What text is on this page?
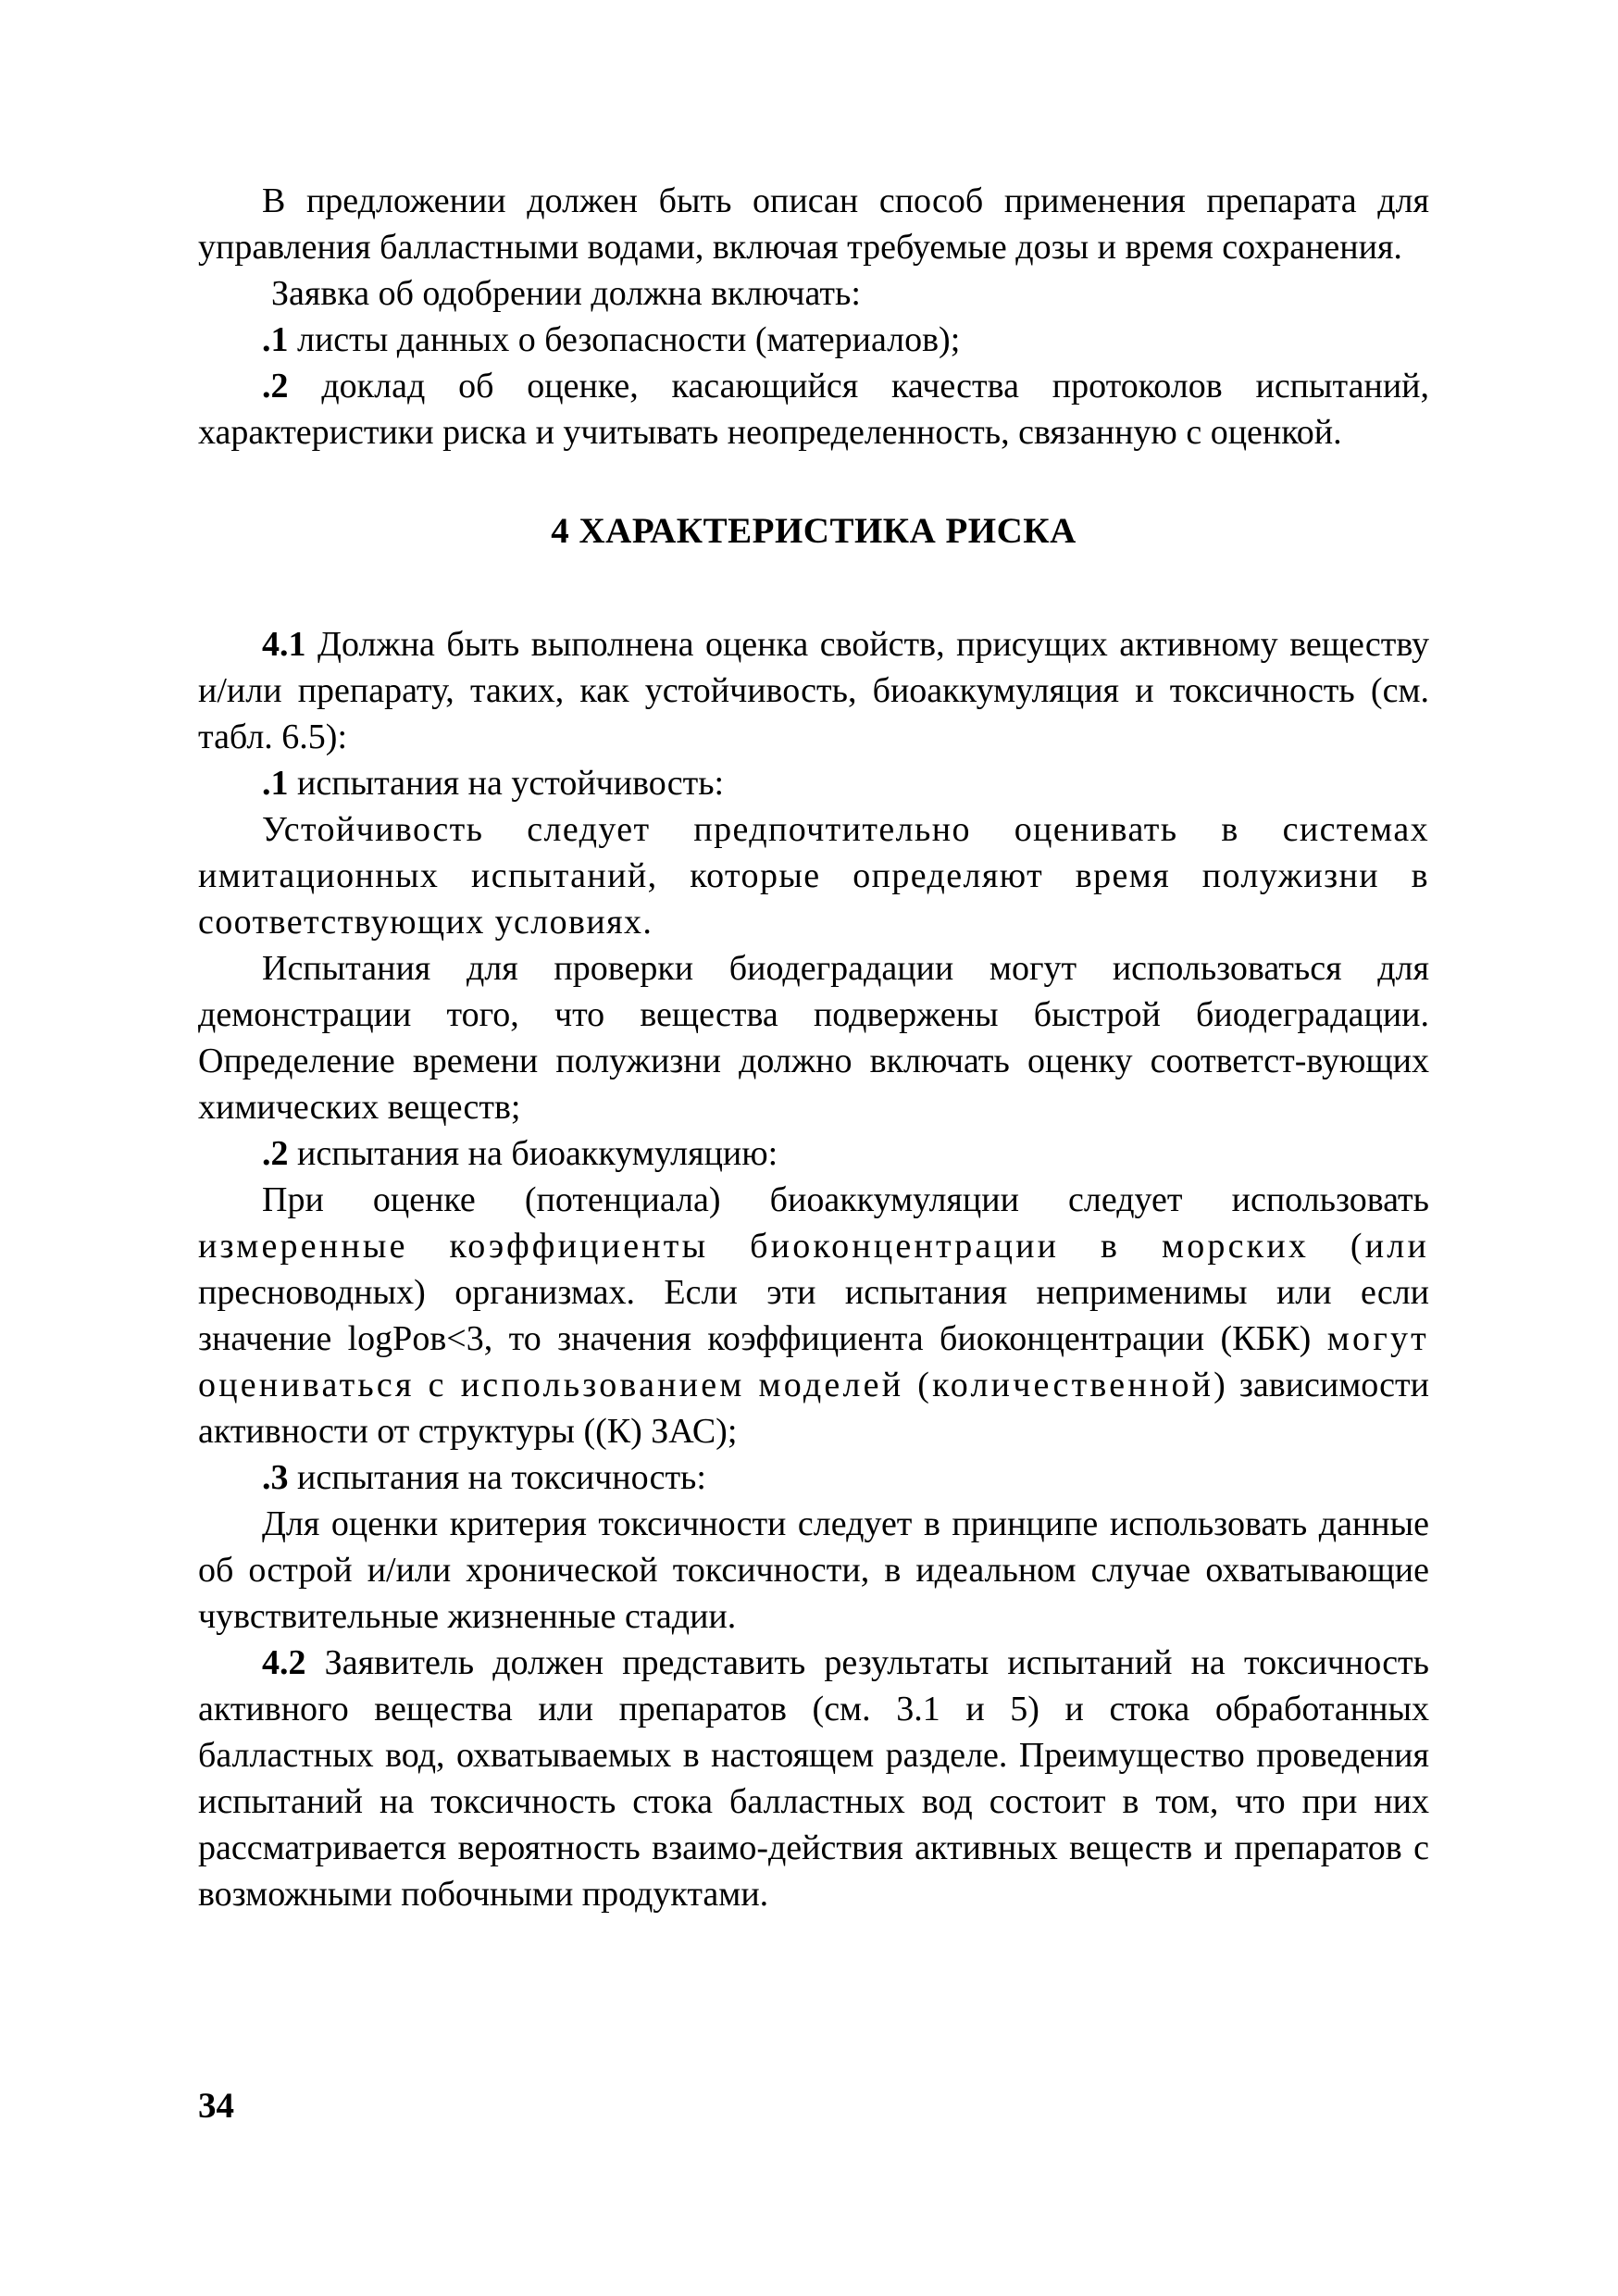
В предложении должен быть описан способ применения препарата для управления балластными водами, включая требуемые дозы и время сохранения.

Заявка об одобрении должна включать:

.1 листы данных о безопасности (материалов);

.2 доклад об оценке, касающийся качества протоколов испытаний, характеристики риска и учитывать неопределенность, связанную с оценкой.

4 ХАРАКТЕРИСТИКА РИСКА

4.1 Должна быть выполнена оценка свойств, присущих активному веществу и/или препарату, таких, как устойчивость, биоаккумуляция и токсичность (см. табл. 6.5):

.1 испытания на устойчивость:

Устойчивость следует предпочтительно оценивать в системах имитационных испытаний, которые определяют время полужизни в соответствующих условиях.

Испытания для проверки биодеградации могут использоваться для демонстрации того, что вещества подвержены быстрой биодеградации. Определение времени полужизни должно включать оценку соответст-вующих химических веществ;

.2 испытания на биоаккумуляцию:

При оценке (потенциала) биоаккумуляции следует использовать измеренные коэффициенты биоконцентрации в морских (или пресноводных) организмах. Если эти испытания неприменимы или если значение logPов<3, то значения коэффициента биоконцентрации (КБК) могут оцениваться с использованием моделей (количественной) зависимости активности от структуры ((К) ЗАС);

.3 испытания на токсичность:

Для оценки критерия токсичности следует в принципе использовать данные об острой и/или хронической токсичности, в идеальном случае охватывающие чувствительные жизненные стадии.

4.2 Заявитель должен представить результаты испытаний на токсичность активного вещества или препаратов (см. 3.1 и 5) и стока обработанных балластных вод, охватываемых в настоящем разделе. Преимущество проведения испытаний на токсичность стока балластных вод состоит в том, что при них рассматривается вероятность взаимо-действия активных веществ и препаратов с возможными побочными продуктами.

34
